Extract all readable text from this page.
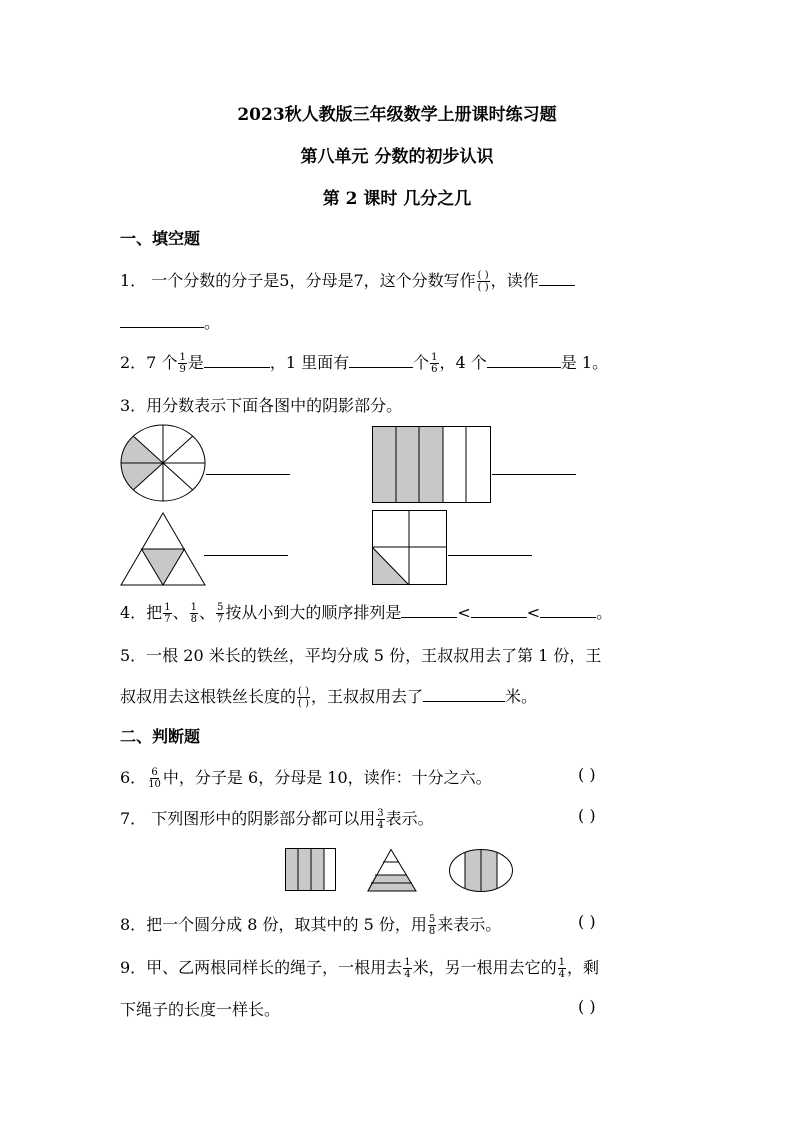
2023秋人教版三年级数学上册课时练习题
第八单元 分数的初步认识
第 2 课时 几分之几
一、填空题
1． 一个分数的分子是5，分母是7，这个分数写作 $\frac{( )}{( )}$ ，读作
。
2．7 个 $\frac{1}{9}$ 是	，1 里面有	个 $\frac{1}{6}$ ，4 个	是 1。
3．用分数表示下面各图中的阴影部分。
4．把 $\frac{1}{7}$ 、 $\frac{1}{8}$ 、 $\frac{5}{7}$ 按从小到大的顺序排列是	<	<	。
5．一根 20 米长的铁丝，平均分成 5 份，王叔叔用去了第 1 份，王
叔叔用去这根铁丝长度的 $\frac{( )}{( )}$ ，王叔叔用去了	米。
二、判断题
6． $\frac{6}{10}$ 中，分子是 6，分母是 10，读作：十分之六。	( )
7． 下列图形中的阴影部分都可以用 $\frac{3}{4}$ 表示。	( )
8．把一个圆分成 8 份，取其中的 5 份，用 $\frac{5}{8}$ 来表示。	( )
9．甲、乙两根同样长的绳子，一根用去 $\frac{1}{4}$ 米，另一根用去它的 $\frac{1}{4}$ ，剩
下绳子的长度一样长。	( )
